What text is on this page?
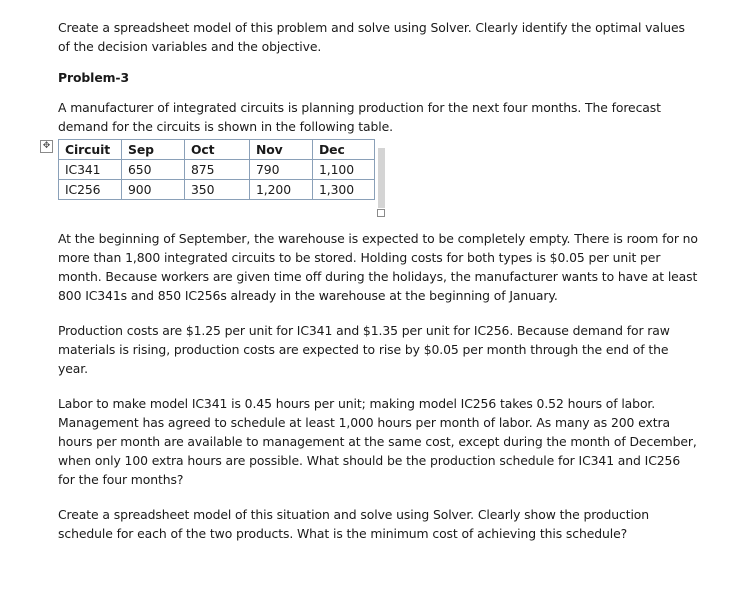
Create a spreadsheet model of this problem and solve using Solver. Clearly identify the optimal values of the decision variables and the objective.

Problem-3

A manufacturer of integrated circuits is planning production for the next four months. The forecast demand for the circuits is shown in the following table.

✥ Circuit	Sep	Oct	Nov	Dec
IC341	650	875	790	1,100
IC256	900	350	1,200	1,300

At the beginning of September, the warehouse is expected to be completely empty. There is room for no more than 1,800 integrated circuits to be stored. Holding costs for both types is $0.05 per unit per month. Because workers are given time off during the holidays, the manufacturer wants to have at least 800 IC341s and 850 IC256s already in the warehouse at the beginning of January.

Production costs are $1.25 per unit for IC341 and $1.35 per unit for IC256. Because demand for raw materials is rising, production costs are expected to rise by $0.05 per month through the end of the year.

Labor to make model IC341 is 0.45 hours per unit; making model IC256 takes 0.52 hours of labor. Management has agreed to schedule at least 1,000 hours per month of labor. As many as 200 extra hours per month are available to management at the same cost, except during the month of December, when only 100 extra hours are possible. What should be the production schedule for IC341 and IC256 for the four months?

Create a spreadsheet model of this situation and solve using Solver. Clearly show the production schedule for each of the two products. What is the minimum cost of achieving this schedule?
